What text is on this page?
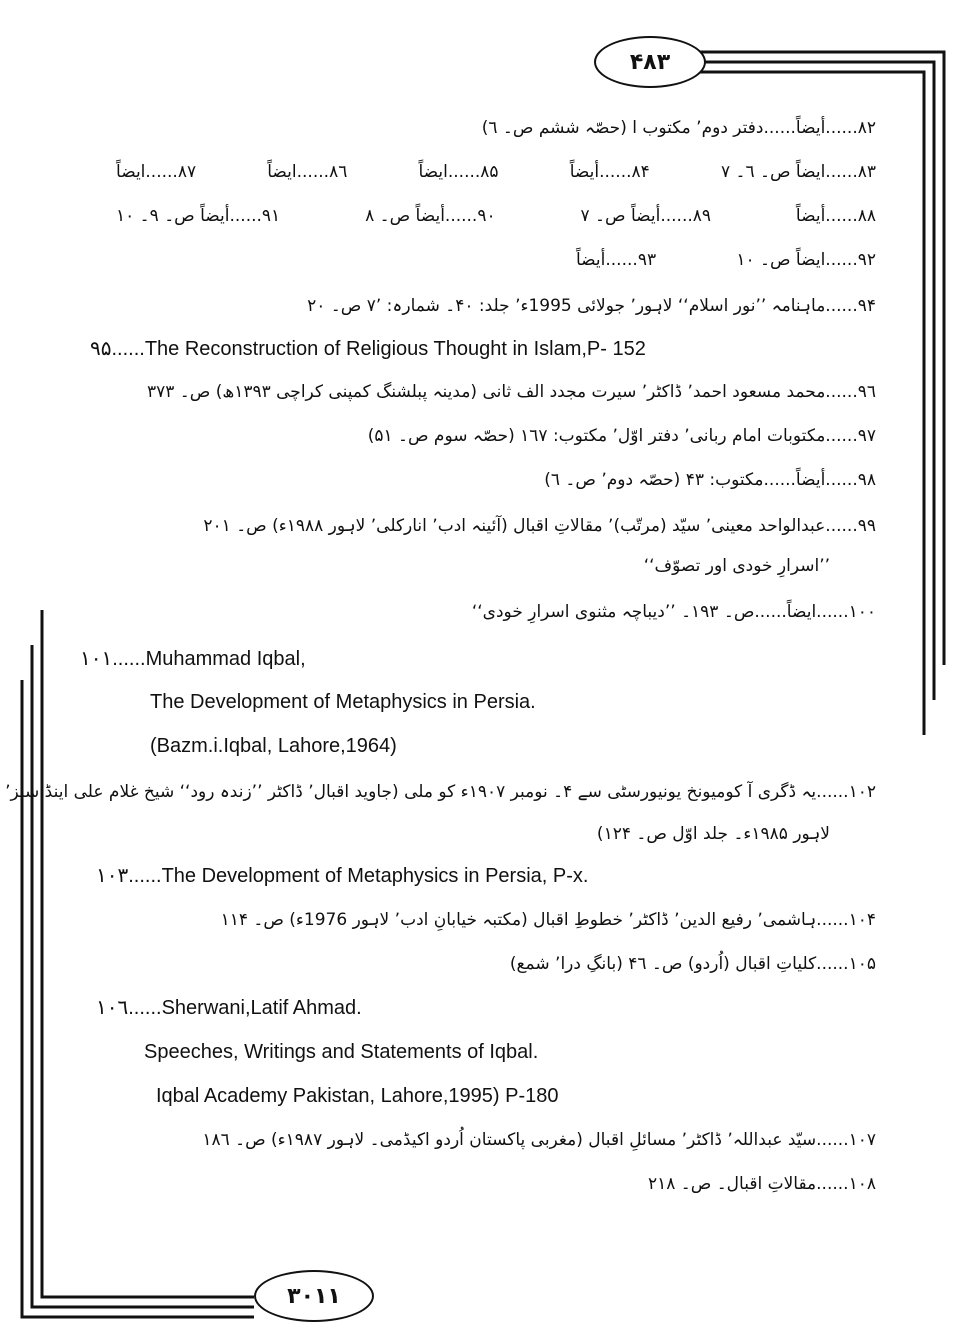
۴۸۳
۳۰۱۱
۸۲......أیضاً......دفتر دوم٬ مکتوب ا (حصّہ ششم ص۔ ٦)
۸۳......ایضاً ص۔ ٦۔ ۷
۸۴......أیضاً
۸۵......ایضاً
۸٦......ایضاً
۸۷......ایضاً
۸۸......أیضاً
۸۹......أیضاً ص۔ ۷
۹۰......أیضاً ص۔ ۸
۹۱......أیضاً ص۔ ۹۔ ۱۰
۹۲......ایضاً ص۔ ۱۰
۹۳......أیضاً
۹۴......ماہنامہ ’’نور اسلام‘‘ لاہور٬ جولائی 1995ء٬ جلد: ۴۰۔ شمارہ: ۷٬ ص۔ ۲۰
۹۵......The Reconstruction of Religious Thought in Islam,P- 152
۹٦......محمد مسعود احمد٬ ڈاکٹر٬ سیرت مجدد الف ثانی (مدینہ پبلشنگ کمپنی کراچی ۱۳۹۳ھ) ص۔ ۳۷۳
۹۷......مکتوبات امام ربانی٬ دفتر اوّل٬ مکتوب: ۱٦۷ (حصّہ سوم ص۔ ۵۱)
۹۸......أیضاً......مکتوب: ۴۳ (حصّہ دوم٬ ص۔ ٦)
۹۹......عبدالواحد معینی٬ سیّد (مرتّب)٬ مقالاتِ اقبال (آئینہ ادب٬ انارکلی٬ لاہور ۱۹۸۸ء) ص۔ ۲۰۱
’’اسرارِ خودی اور تصوّف‘‘
۱۰۰......ایضاً......ص۔ ۱۹۳۔ ’’دیباچہ مثنوی اسرارِ خودی‘‘
۱۰۱......Muhammad Iqbal,
The Development of Metaphysics in Persia.
(Bazm.i.Iqbal, Lahore,1964)
۱۰۲......یہ ڈگری آ کومیونخ یونیورسٹی سے ۴۔ نومبر ۱۹۰۷ء کو ملی (جاوید اقبال٬ ڈاکٹر ’’زندہ رود‘‘ شیخ غلام علی اینڈ سنز٬
لاہور ۱۹۸۵ء۔ جلد اوّل ص۔ ۱۲۴)
۱۰۳......The Development of Metaphysics in Persia, P-x.
۱۰۴......ہاشمی٬ رفیع الدین٬ ڈاکٹر٬ خطوطِ اقبال (مکتبہ خیابانِ ادب٬ لاہور 1976ء) ص۔ ۱۱۴
۱۰۵......کلیاتِ اقبال (اُردو) ص۔ ۴٦ (بانگِ درا٬ شمع)
۱۰٦......Sherwani,Latif Ahmad.
Speeches, Writings and Statements of Iqbal.
Iqbal Academy Pakistan, Lahore,1995) P-180
۱۰۷......سیّد عبداللہ٬ ڈاکٹر٬ مسائلِ اقبال (مغربی پاکستان اُردو اکیڈمی۔ لاہور ۱۹۸۷ء) ص۔ ۱۸٦
۱۰۸......مقالاتِ اقبال۔ ص۔ ۲۱۸
